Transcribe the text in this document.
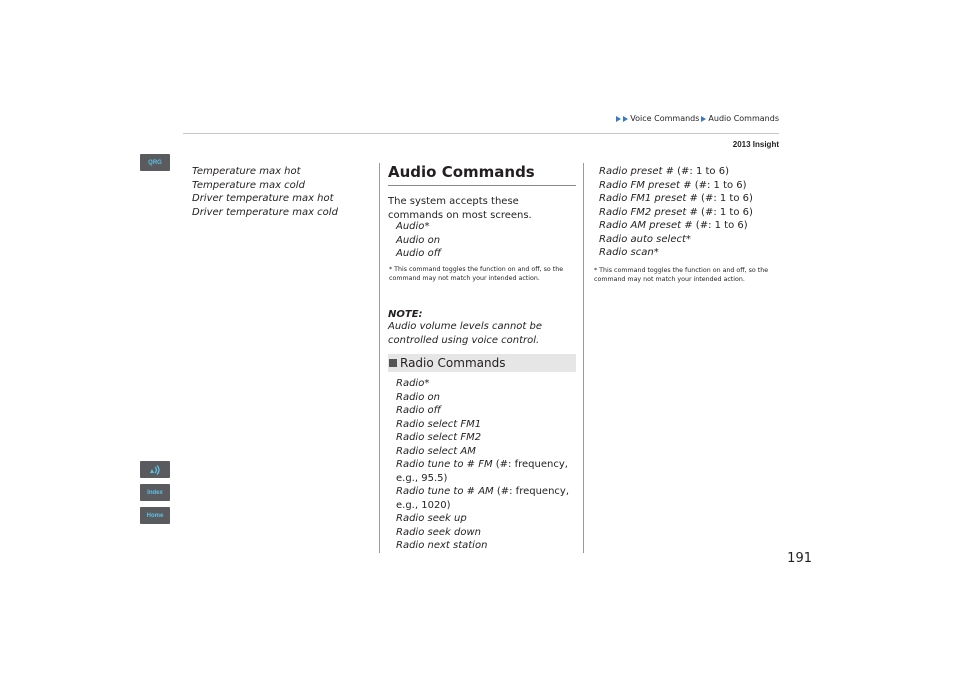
Voice Commands Audio Commands
2013 Insight
QRG
Index
Home
Temperature max hot
Temperature max cold
Driver temperature max hot
Driver temperature max cold
Audio Commands
The system accepts these commands on most screens.
Audio*
Audio on
Audio off
* This command toggles the function on and off, so the command may not match your intended action.
NOTE:
Audio volume levels cannot be controlled using voice control.
Radio Commands
Radio*
Radio on
Radio off
Radio select FM1
Radio select FM2
Radio select AM
Radio tune to # FM (#: frequency, e.g., 95.5)
Radio tune to # AM (#: frequency, e.g., 1020)
Radio seek up
Radio seek down
Radio next station
Radio preset # (#: 1 to 6)
Radio FM preset # (#: 1 to 6)
Radio FM1 preset # (#: 1 to 6)
Radio FM2 preset # (#: 1 to 6)
Radio AM preset # (#: 1 to 6)
Radio auto select*
Radio scan*
* This command toggles the function on and off, so the command may not match your intended action.
191
